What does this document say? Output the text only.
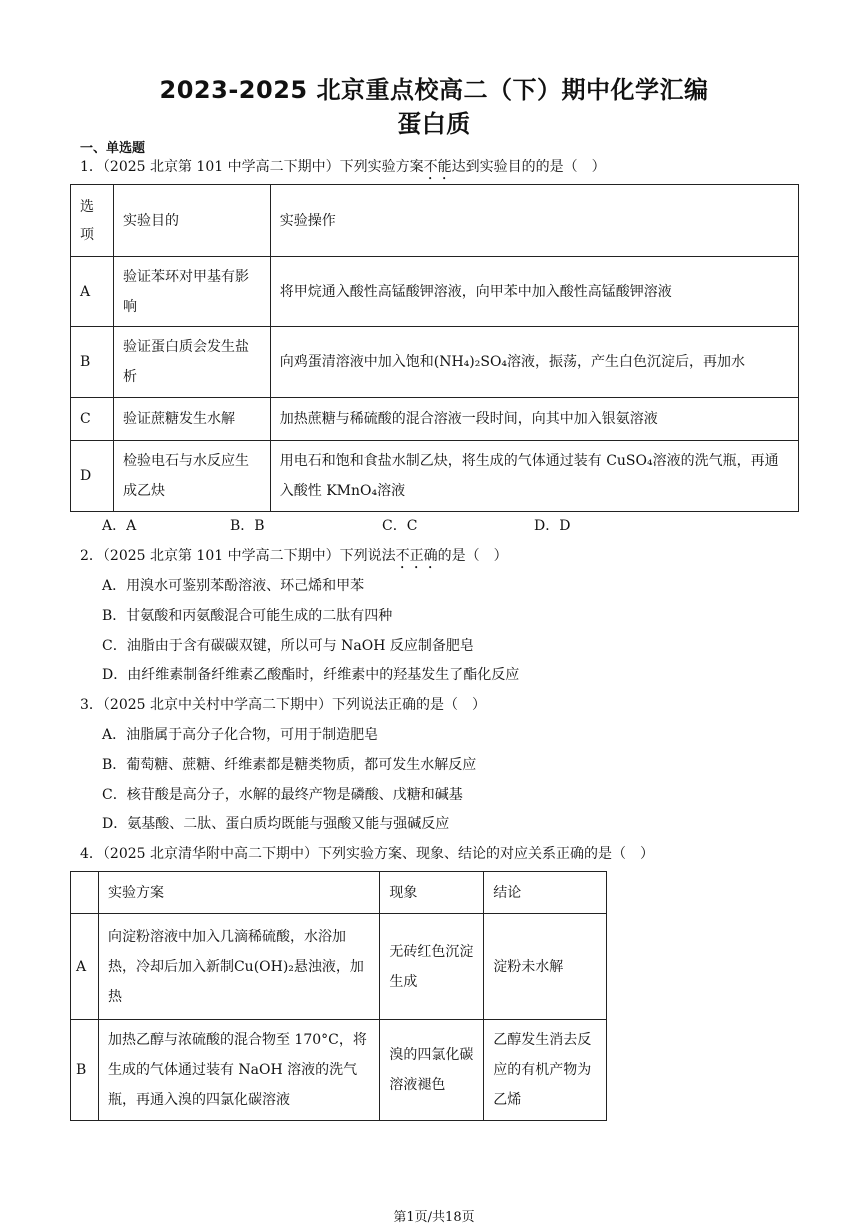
2023-2025 北京重点校高二（下）期中化学汇编
蛋白质
一、单选题
1．（2025 北京第 101 中学高二下期中）下列实验方案不能达到实验目的的是（　）
选项	实验目的	实验操作
A	验证苯环对甲基有影响	将甲烷通入酸性高锰酸钾溶液，向甲苯中加入酸性高锰酸钾溶液
B	验证蛋白质会发生盐析	向鸡蛋清溶液中加入饱和(NH₄)₂SO₄溶液，振荡，产生白色沉淀后，再加水
C	验证蔗糖发生水解	加热蔗糖与稀硫酸的混合溶液一段时间，向其中加入银氨溶液
D	检验电石与水反应生成乙炔	用电石和饱和食盐水制乙炔，将生成的气体通过装有 CuSO₄溶液的洗气瓶，再通入酸性 KMnO₄溶液
A．A	B．B	C．C	D．D
2．（2025 北京第 101 中学高二下期中）下列说法不正确的是（　）
A．用溴水可鉴别苯酚溶液、环己烯和甲苯
B．甘氨酸和丙氨酸混合可能生成的二肽有四种
C．油脂由于含有碳碳双键，所以可与 NaOH 反应制备肥皂
D．由纤维素制备纤维素乙酸酯时，纤维素中的羟基发生了酯化反应
3．（2025 北京中关村中学高二下期中）下列说法正确的是（　）
A．油脂属于高分子化合物，可用于制造肥皂
B．葡萄糖、蔗糖、纤维素都是糖类物质，都可发生水解反应
C．核苷酸是高分子，水解的最终产物是磷酸、戊糖和碱基
D．氨基酸、二肽、蛋白质均既能与强酸又能与强碱反应
4．（2025 北京清华附中高二下期中）下列实验方案、现象、结论的对应关系正确的是（　）
	实验方案	现象	结论
A	向淀粉溶液中加入几滴稀硫酸，水浴加热，冷却后加入新制Cu(OH)₂悬浊液，加热	无砖红色沉淀生成	淀粉未水解
B	加热乙醇与浓硫酸的混合物至 170°C，将生成的气体通过装有 NaOH 溶液的洗气瓶，再通入溴的四氯化碳溶液	溴的四氯化碳溶液褪色	乙醇发生消去反应的有机产物为乙烯
第1页/共18页
